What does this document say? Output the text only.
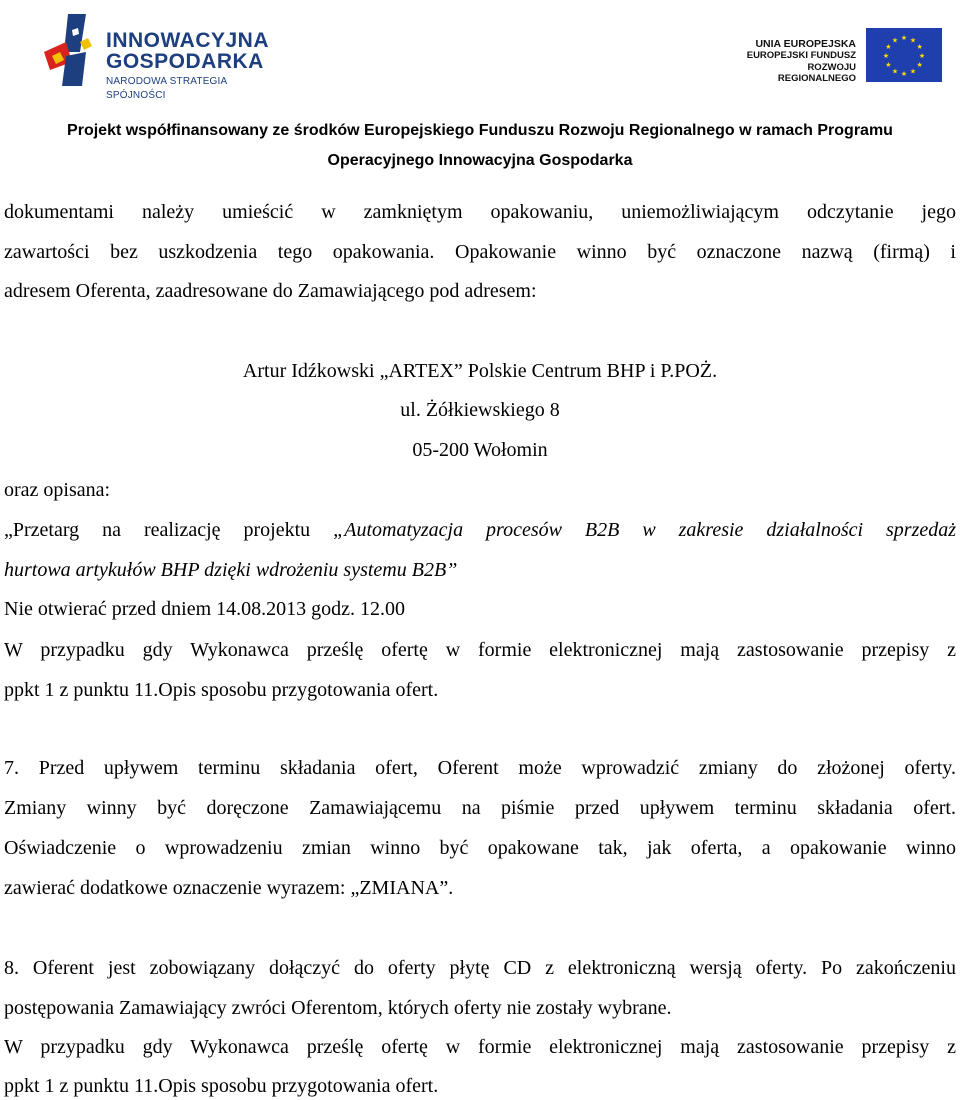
INNOWACYJNA
GOSPODARKA
NARODOWA STRATEGIA SPÓJNOŚCI
UNIA EUROPEJSKA
EUROPEJSKI FUNDUSZ
ROZWOJU REGIONALNEGO
★ ★
★
★
★
★
★
★
★
★
★
★
Projekt współfinansowany ze środków Europejskiego Funduszu Rozwoju Regionalnego w ramach Programu
Operacyjnego Innowacyjna Gospodarka
dokumentami należy umieścić w zamkniętym opakowaniu, uniemożliwiającym odczytanie jego
zawartości bez uszkodzenia tego opakowania. Opakowanie winno być oznaczone nazwą (firmą) i
adresem Oferenta, zaadresowane do Zamawiającego pod adresem:
Artur Idźkowski „ARTEX” Polskie Centrum BHP i P.POŻ.
ul. Żółkiewskiego 8
05-200 Wołomin
oraz opisana:
„Przetarg na realizację projektu „Automatyzacja procesów B2B w zakresie działalności sprzedaż
hurtowa artykułów BHP dzięki wdrożeniu systemu B2B”
Nie otwierać przed dniem 14.08.2013 godz. 12.00
W przypadku gdy Wykonawca prześlę ofertę w formie elektronicznej mają zastosowanie przepisy z
ppkt 1 z punktu 11.Opis sposobu przygotowania ofert.
7. Przed upływem terminu składania ofert, Oferent może wprowadzić zmiany do złożonej oferty.
Zmiany winny być doręczone Zamawiającemu na piśmie przed upływem terminu składania ofert.
Oświadczenie o wprowadzeniu zmian winno być opakowane tak, jak oferta, a opakowanie winno
zawierać dodatkowe oznaczenie wyrazem: „ZMIANA”.
8. Oferent jest zobowiązany dołączyć do oferty płytę CD z elektroniczną wersją oferty. Po zakończeniu
postępowania Zamawiający zwróci Oferentom, których oferty nie zostały wybrane.
W przypadku gdy Wykonawca prześlę ofertę w formie elektronicznej mają zastosowanie przepisy z
ppkt 1 z punktu 11.Opis sposobu przygotowania ofert.
